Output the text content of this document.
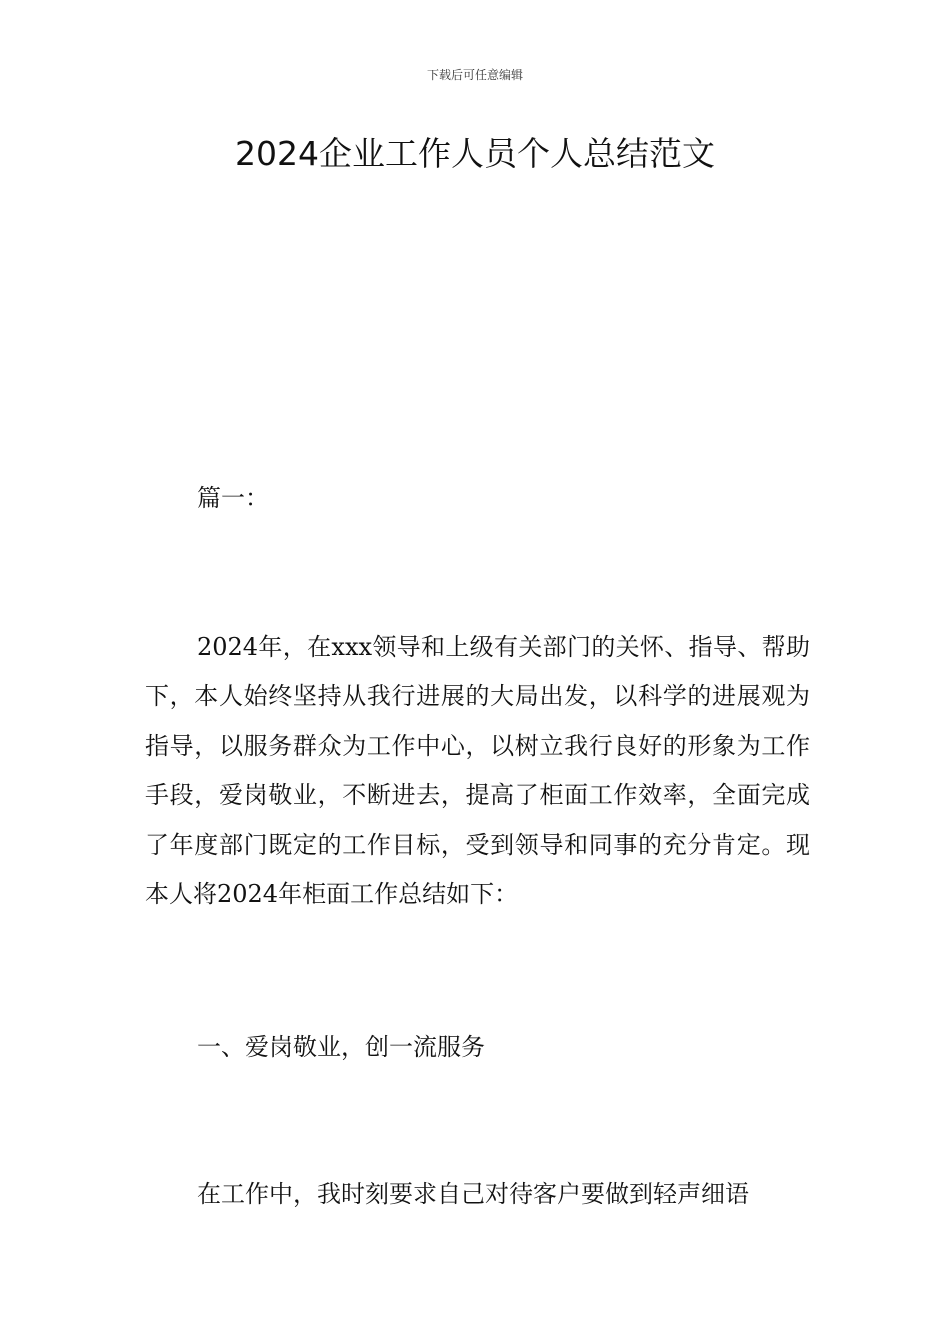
下载后可任意编辑
2024企业工作人员个人总结范文
篇一：
2024年，在xxx领导和上级有关部门的关怀、指导、帮助下，本人始终坚持从我行进展的大局出发，以科学的进展观为指导，以服务群众为工作中心，以树立我行良好的形象为工作手段，爱岗敬业，不断进去，提高了柜面工作效率，全面完成了年度部门既定的工作目标，受到领导和同事的充分肯定。现本人将2024年柜面工作总结如下：
一、爱岗敬业，创一流服务
在工作中，我时刻要求自己对待客户要做到轻声细语
